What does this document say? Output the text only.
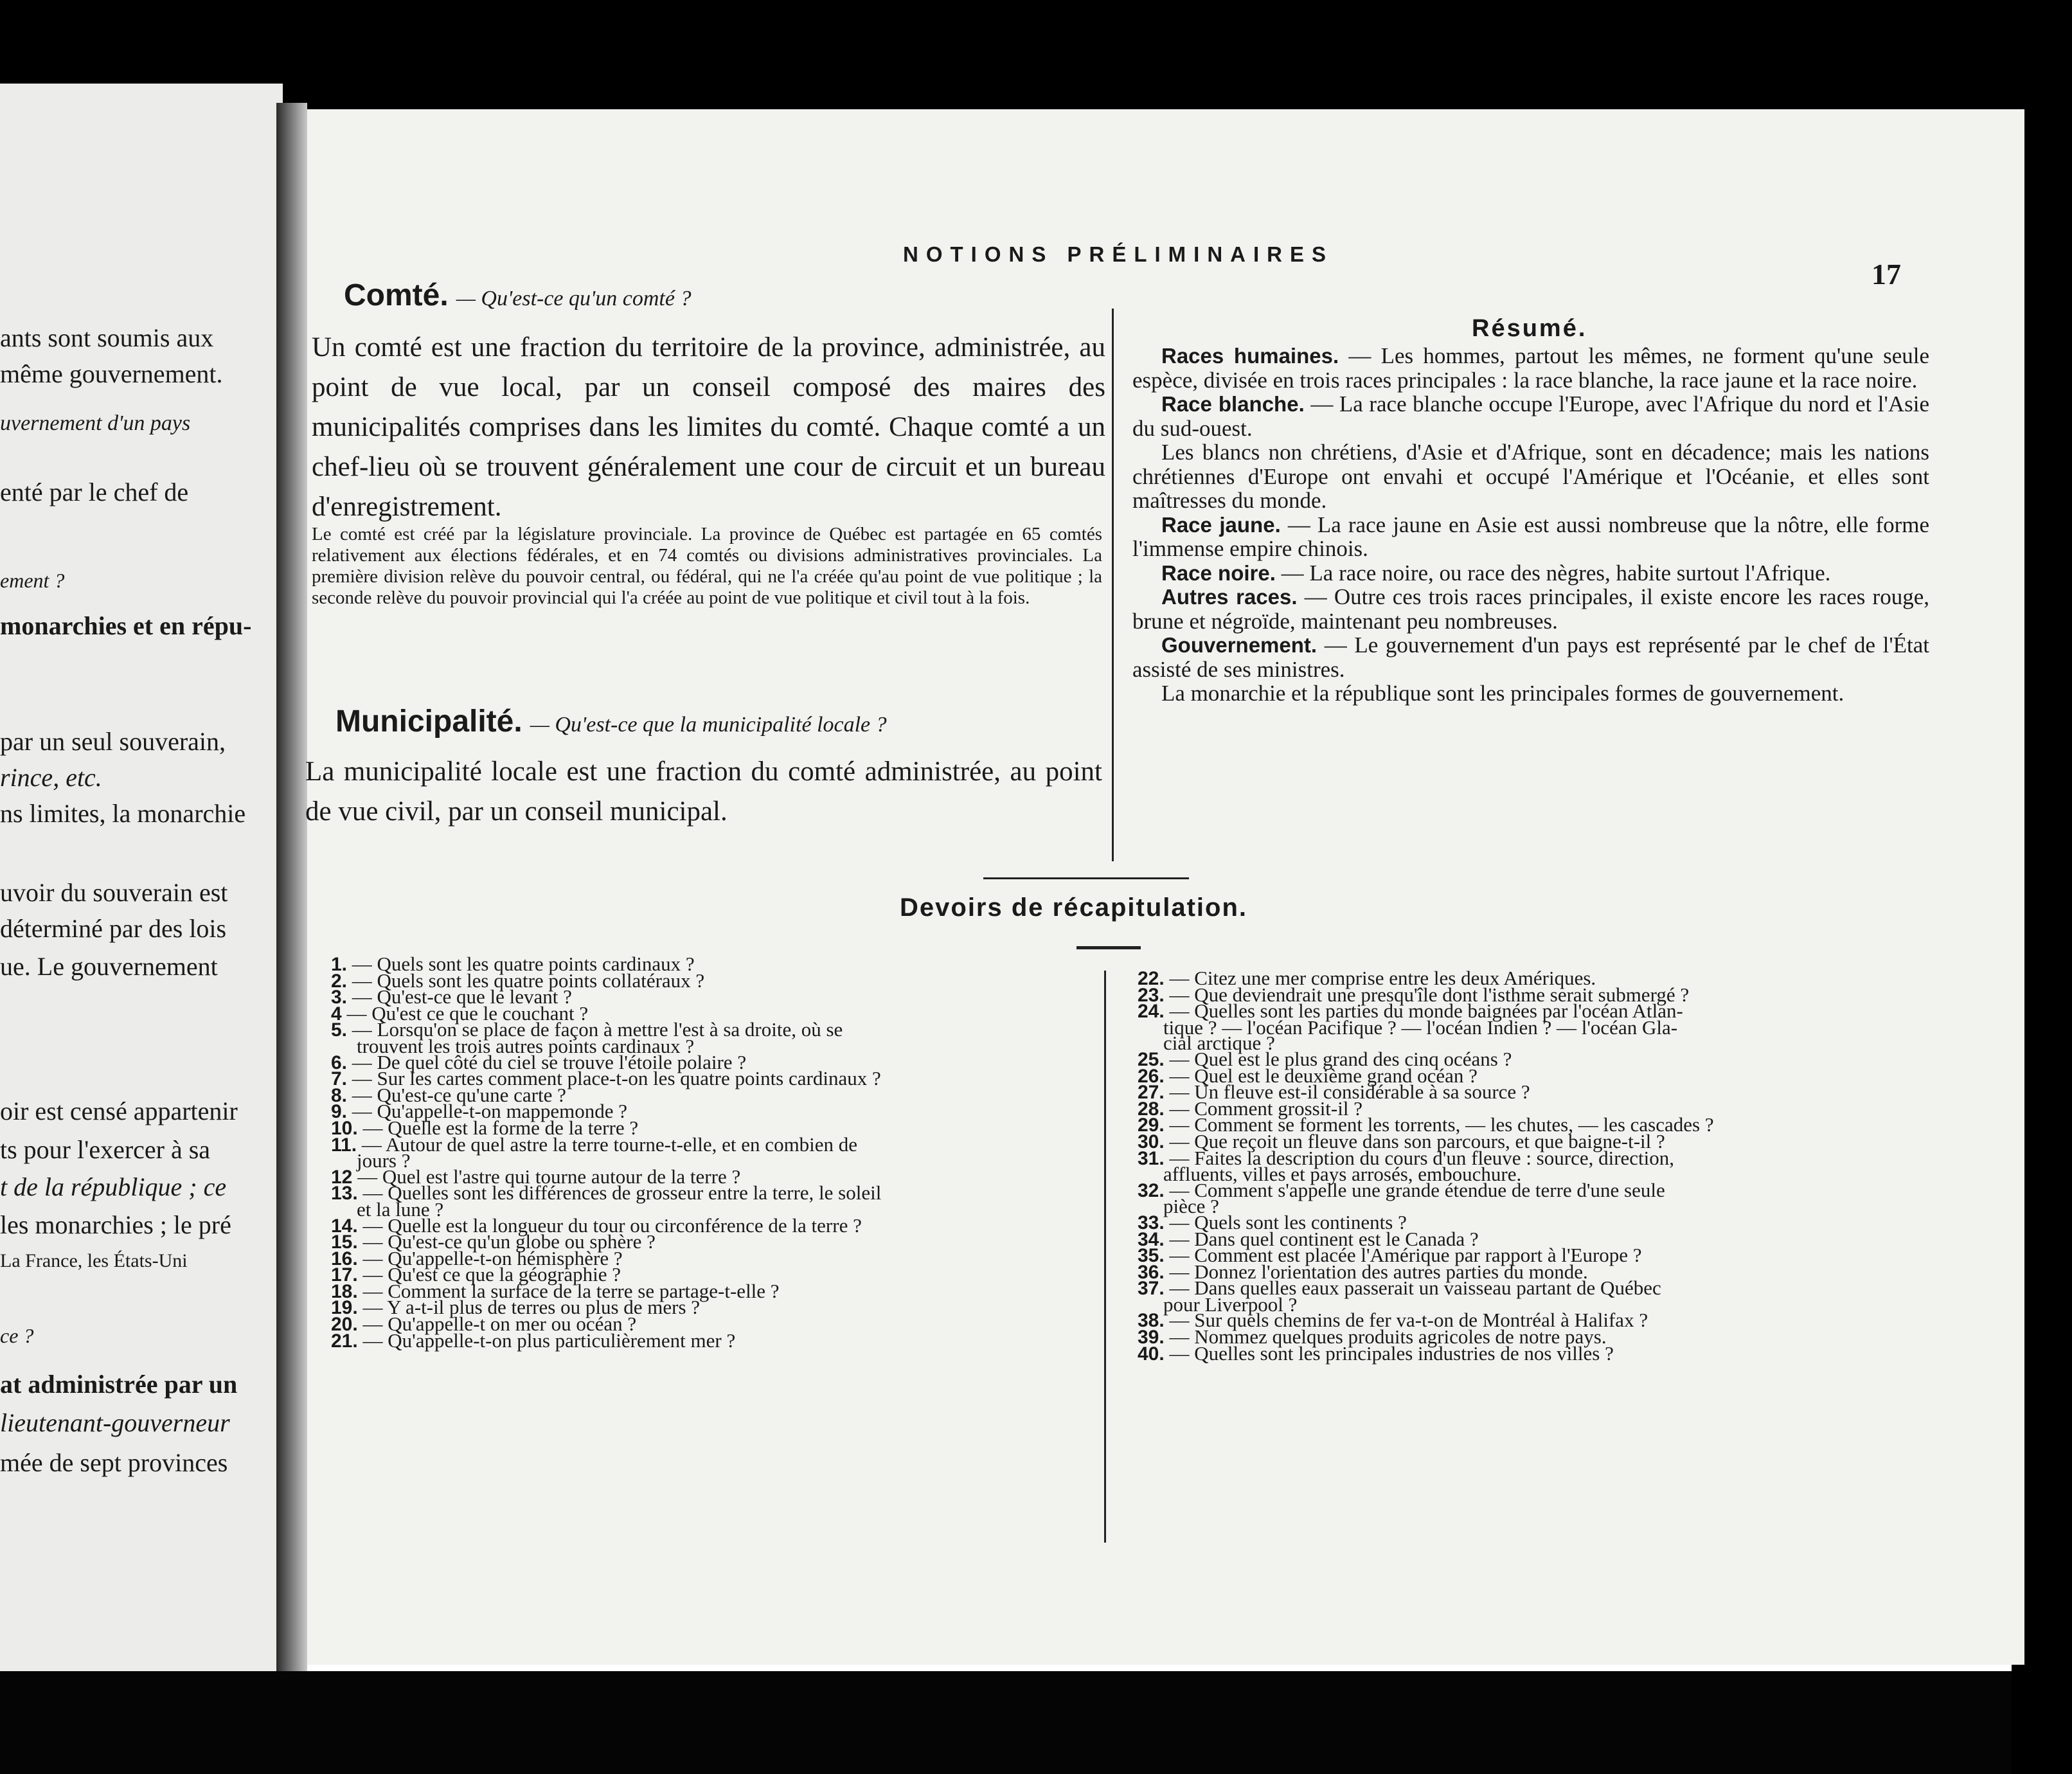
ants sont soumis aux
même gouvernement.
uvernement d'un pays
enté par le chef de
ement ?
monarchies et en répu-
par un seul souverain,
rince, etc.
ns limites, la monarchie
uvoir du souverain est
déterminé par des lois
ue. Le gouvernement
oir est censé appartenir
ts pour l'exercer à sa
t de la république ; ce
les monarchies ; le pré
La France, les États-Uni
ce ?
at administrée par un
lieutenant-gouverneur
mée de sept provinces
NOTIONS PRÉLIMINAIRES
17
Comté. — Qu'est-ce qu'un comté ?
Un comté est une fraction du territoire de la province, administrée, au point de vue local, par un conseil composé des maires des municipalités comprises dans les limites du comté. Chaque comté a un chef-lieu où se trouvent généralement une cour de circuit et un bureau d'enregistrement.
Le comté est créé par la législature provinciale. La province de Québec est partagée en 65 comtés relativement aux élections fédérales, et en 74 comtés ou divisions administratives provinciales. La première division relève du pouvoir central, ou fédéral, qui ne l'a créée qu'au point de vue politique ; la seconde relève du pouvoir provincial qui l'a créée au point de vue politique et civil tout à la fois.
Municipalité. — Qu'est-ce que la municipalité locale ?
La municipalité locale est une fraction du comté administrée, au point de vue civil, par un conseil municipal.
Résumé.

Races humaines. — Les hommes, partout les mêmes, ne forment qu'une seule espèce, divisée en trois races principales : la race blanche, la race jaune et la race noire.

Race blanche. — La race blanche occupe l'Europe, avec l'Afrique du nord et l'Asie du sud-ouest.

Les blancs non chrétiens, d'Asie et d'Afrique, sont en décadence; mais les nations chrétiennes d'Europe ont envahi et occupé l'Amérique et l'Océanie, et elles sont maîtresses du monde.

Race jaune. — La race jaune en Asie est aussi nombreuse que la nôtre, elle forme l'immense empire chinois.

Race noire. — La race noire, ou race des nègres, habite surtout l'Afrique.

Autres races. — Outre ces trois races principales, il existe encore les races rouge, brune et négroïde, maintenant peu nombreuses.

Gouvernement. — Le gouvernement d'un pays est représenté par le chef de l'État assisté de ses ministres.

La monarchie et la république sont les principales formes de gouvernement.

Devoirs de récapitulation.
1. — Quels sont les quatre points cardinaux ?
2. — Quels sont les quatre points collatéraux ?
3. — Qu'est-ce que le levant ?
4 — Qu'est ce que le couchant ?
5. — Lorsqu'on se place de façon à mettre l'est à sa droite, où se
trouvent les trois autres points cardinaux ?
6. — De quel côté du ciel se trouve l'étoile polaire ?
7. — Sur les cartes comment place-t-on les quatre points cardinaux ?
8. — Qu'est-ce qu'une carte ?
9. — Qu'appelle-t-on mappemonde ?
10. — Quelle est la forme de la terre ?
11. — Autour de quel astre la terre tourne-t-elle, et en combien de
jours ?
12 — Quel est l'astre qui tourne autour de la terre ?
13. — Quelles sont les différences de grosseur entre la terre, le soleil
et la lune ?
14. — Quelle est la longueur du tour ou circonférence de la terre ?
15. — Qu'est-ce qu'un globe ou sphère ?
16. — Qu'appelle-t-on hémisphère ?
17. — Qu'est ce que la géographie ?
18. — Comment la surface de la terre se partage-t-elle ?
19. — Y a-t-il plus de terres ou plus de mers ?
20. — Qu'appelle-t on mer ou océan ?
21. — Qu'appelle-t-on plus particulièrement mer ?
22. — Citez une mer comprise entre les deux Amériques.
23. — Que deviendrait une presqu'île dont l'isthme serait submergé ?
24. — Quelles sont les parties du monde baignées par l'océan Atlan-
tique ? — l'océan Pacifique ? — l'océan Indien ? — l'océan Gla-
cial arctique ?
25. — Quel est le plus grand des cinq océans ?
26. — Quel est le deuxième grand océan ?
27. — Un fleuve est-il considérable à sa source ?
28. — Comment grossit-il ?
29. — Comment se forment les torrents, — les chutes, — les cascades ?
30. — Que reçoit un fleuve dans son parcours, et que baigne-t-il ?
31. — Faites la description du cours d'un fleuve : source, direction,
affluents, villes et pays arrosés, embouchure.
32. — Comment s'appelle une grande étendue de terre d'une seule
pièce ?
33. — Quels sont les continents ?
34. — Dans quel continent est le Canada ?
35. — Comment est placée l'Amérique par rapport à l'Europe ?
36. — Donnez l'orientation des autres parties du monde.
37. — Dans quelles eaux passerait un vaisseau partant de Québec
pour Liverpool ?
38. — Sur quels chemins de fer va-t-on de Montréal à Halifax ?
39. — Nommez quelques produits agricoles de notre pays.
40. — Quelles sont les principales industries de nos villes ?
